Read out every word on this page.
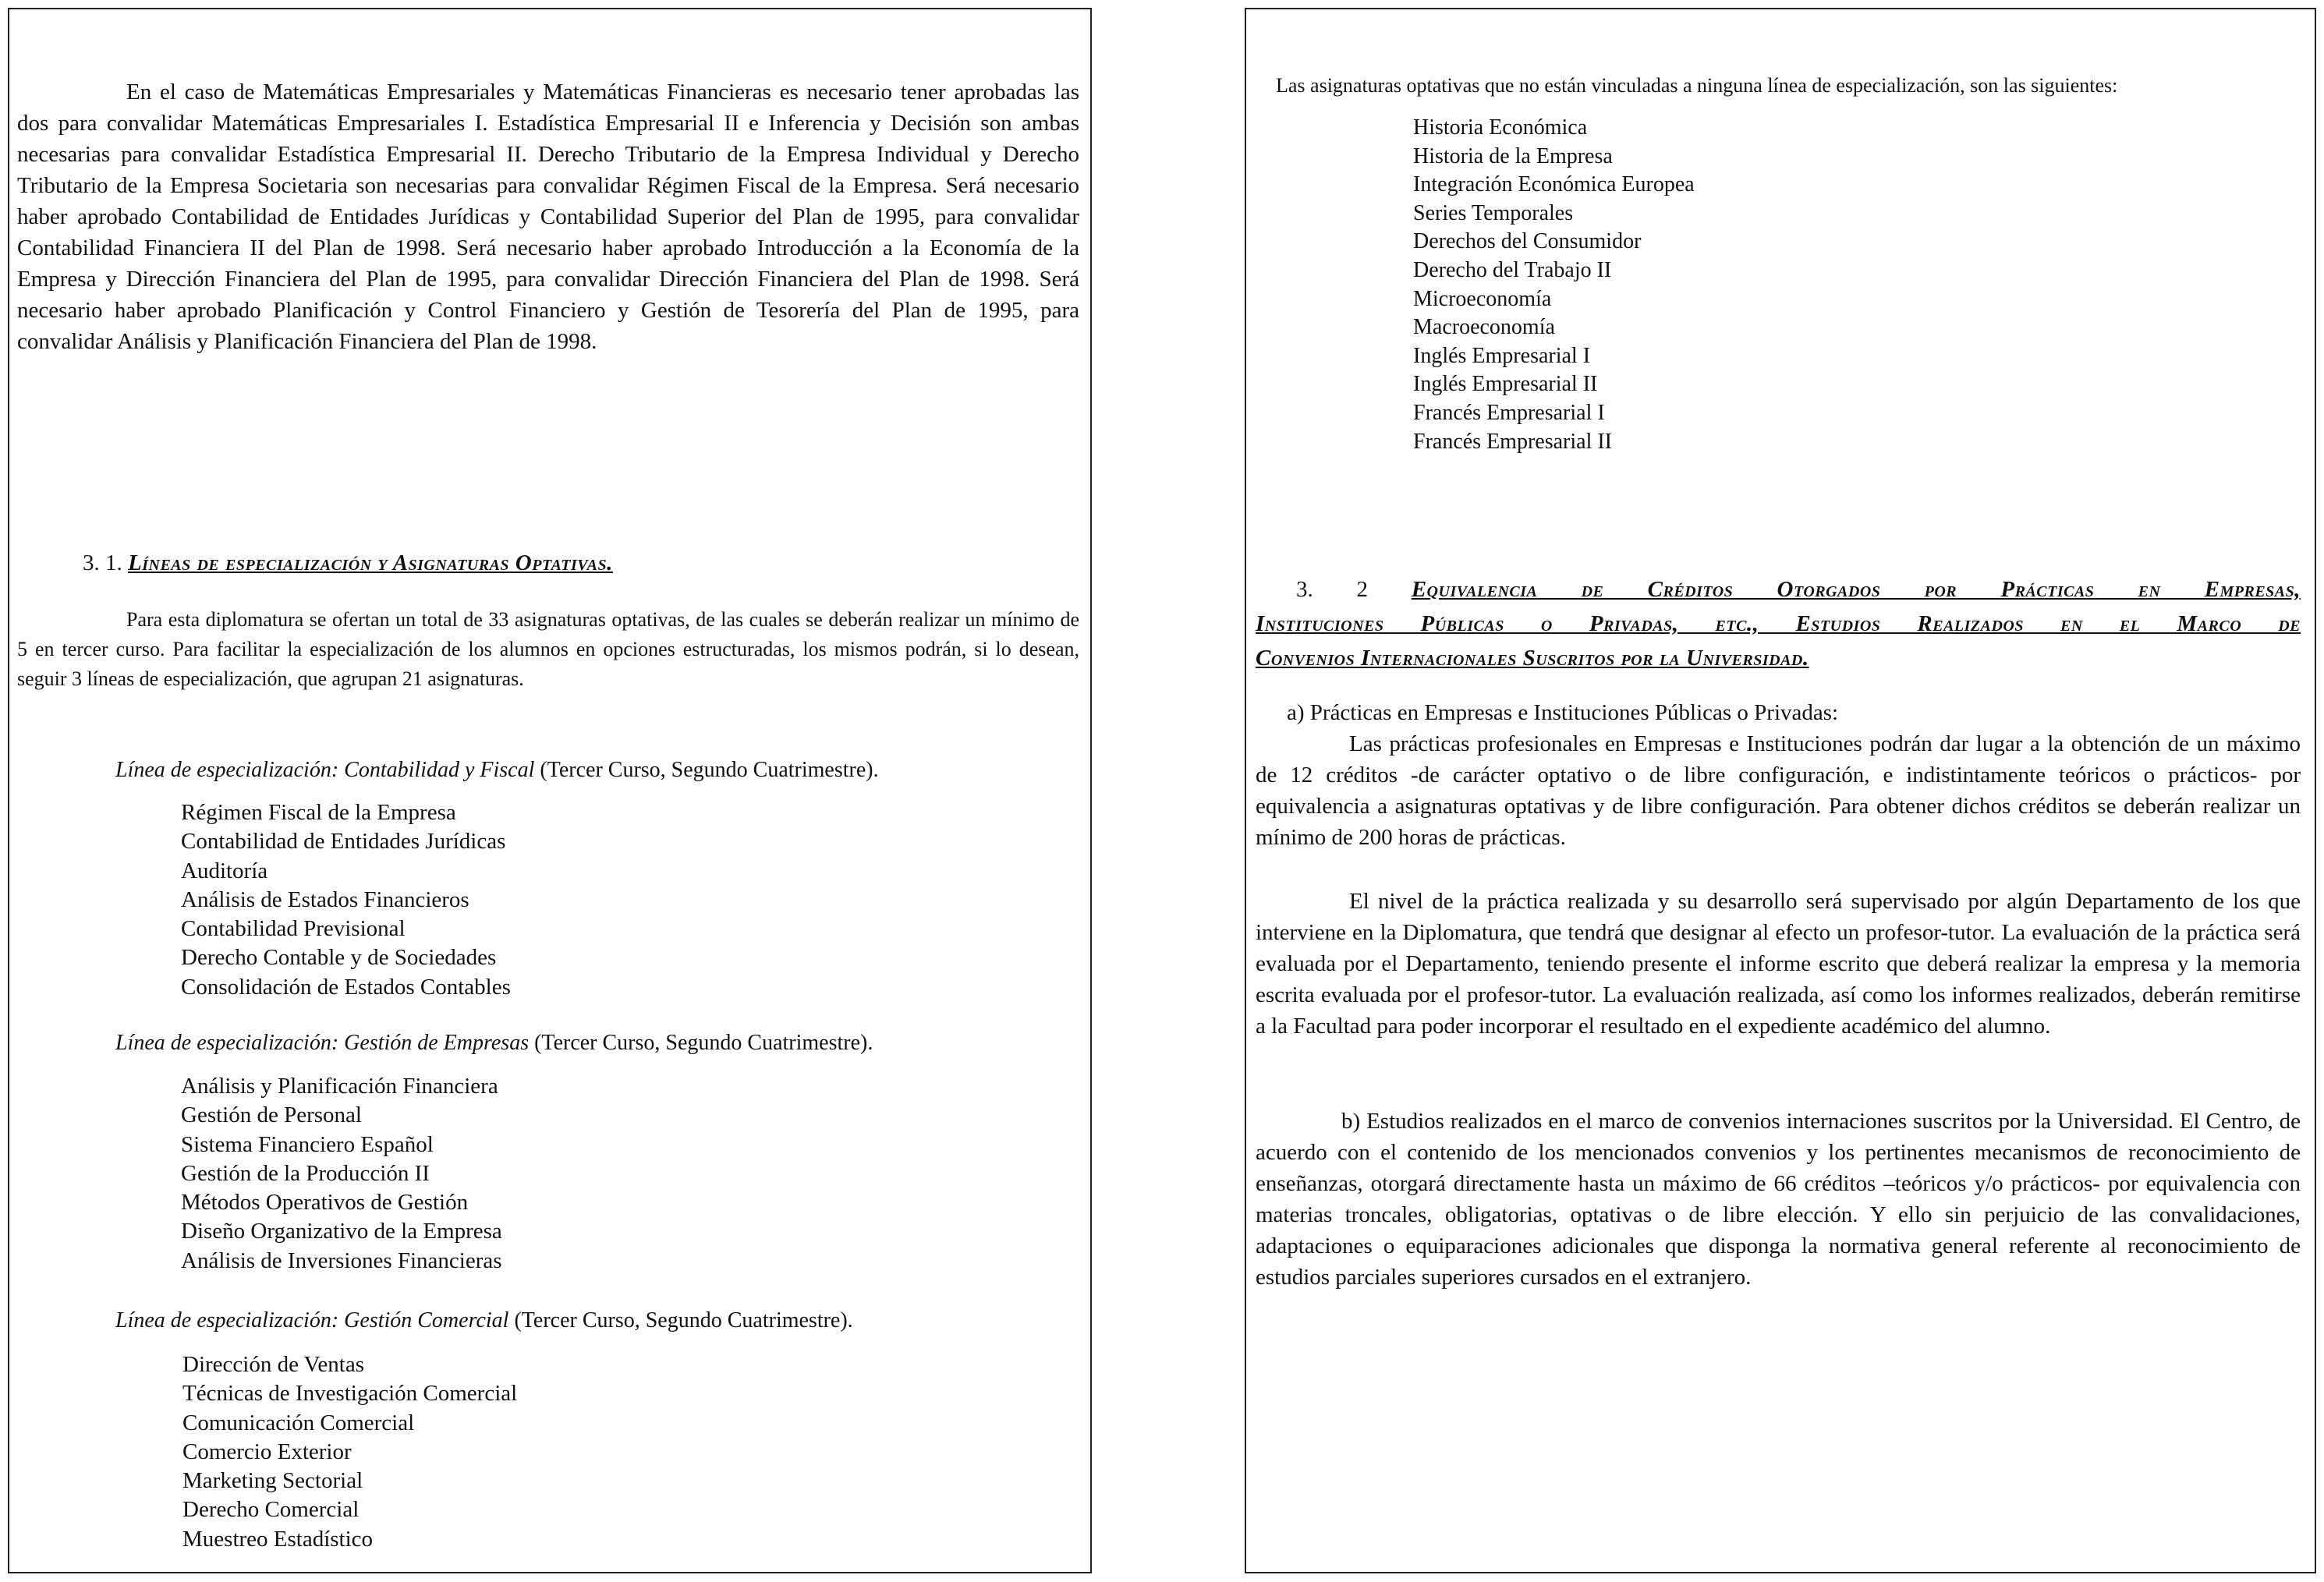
En el caso de Matemáticas Empresariales y Matemáticas Financieras es necesario tener aprobadas las dos para convalidar Matemáticas Empresariales I. Estadística Empresarial II e Inferencia y Decisión son ambas necesarias para convalidar Estadística Empresarial II. Derecho Tributario de la Empresa Individual y Derecho Tributario de la Empresa Societaria son necesarias para convalidar Régimen Fiscal de la Empresa. Será necesario haber aprobado Contabilidad de Entidades Jurídicas y Contabilidad Superior del Plan de 1995, para convalidar Contabilidad Financiera II del Plan de 1998. Será necesario haber aprobado Introducción a la Economía de la Empresa y Dirección Financiera del Plan de 1995, para convalidar Dirección Financiera del Plan de 1998. Será necesario haber aprobado Planificación y Control Financiero y Gestión de Tesorería del Plan de 1995, para convalidar Análisis y Planificación Financiera del Plan de 1998.

3. 1. Líneas de especialización y Asignaturas Optativas.

Para esta diplomatura se ofertan un total de 33 asignaturas optativas, de las cuales se deberán realizar un mínimo de 5 en tercer curso. Para facilitar la especialización de los alumnos en opciones estructuradas, los mismos podrán, si lo desean, seguir 3 líneas de especialización, que agrupan 21 asignaturas.

Línea de especialización: Contabilidad y Fiscal (Tercer Curso, Segundo Cuatrimestre).

Régimen Fiscal de la Empresa
Contabilidad de Entidades Jurídicas
Auditoría
Análisis de Estados Financieros
Contabilidad Previsional
Derecho Contable y de Sociedades
Consolidación de Estados Contables

Línea de especialización: Gestión de Empresas (Tercer Curso, Segundo Cuatrimestre).

Análisis y Planificación Financiera
Gestión de Personal
Sistema Financiero Español
Gestión de la Producción II
Métodos Operativos de Gestión
Diseño Organizativo de la Empresa
Análisis de Inversiones Financieras

Línea de especialización: Gestión Comercial (Tercer Curso, Segundo Cuatrimestre).

Dirección de Ventas
Técnicas de Investigación Comercial
Comunicación Comercial
Comercio Exterior
Marketing Sectorial
Derecho Comercial
Muestreo Estadístico

Las asignaturas optativas que no están vinculadas a ninguna línea de especialización, son las siguientes:

Historia Económica
Historia de la Empresa
Integración Económica Europea
Series Temporales
Derechos del Consumidor
Derecho del Trabajo II
Microeconomía
Macroeconomía
Inglés Empresarial I
Inglés Empresarial II
Francés Empresarial I
Francés Empresarial II
3. 2 Equivalencia de Créditos Otorgados por Prácticas en Empresas,
Instituciones Públicas o Privadas, etc., Estudios Realizados en el Marco de
Convenios Internacionales Suscritos por la Universidad.

a) Prácticas en Empresas e Instituciones Públicas o Privadas:

Las prácticas profesionales en Empresas e Instituciones podrán dar lugar a la obtención de un máximo de 12 créditos -de carácter optativo o de libre configuración, e indistintamente teóricos o prácticos- por equivalencia a asignaturas optativas y de libre configuración. Para obtener dichos créditos se deberán realizar un mínimo de 200 horas de prácticas.

El nivel de la práctica realizada y su desarrollo será supervisado por algún Departamento de los que interviene en la Diplomatura, que tendrá que designar al efecto un profesor-tutor. La evaluación de la práctica será evaluada por el Departamento, teniendo presente el informe escrito que deberá realizar la empresa y la memoria escrita evaluada por el profesor-tutor. La evaluación realizada, así como los informes realizados, deberán remitirse a la Facultad para poder incorporar el resultado en el expediente académico del alumno.

b) Estudios realizados en el marco de convenios internaciones suscritos por la Universidad. El Centro, de acuerdo con el contenido de los mencionados convenios y los pertinentes mecanismos de reconocimiento de enseñanzas, otorgará directamente hasta un máximo de 66 créditos –teóricos y/o prácticos- por equivalencia con materias troncales, obligatorias, optativas o de libre elección. Y ello sin perjuicio de las convalidaciones, adaptaciones o equiparaciones adicionales que disponga la normativa general referente al reconocimiento de estudios parciales superiores cursados en el extranjero.
